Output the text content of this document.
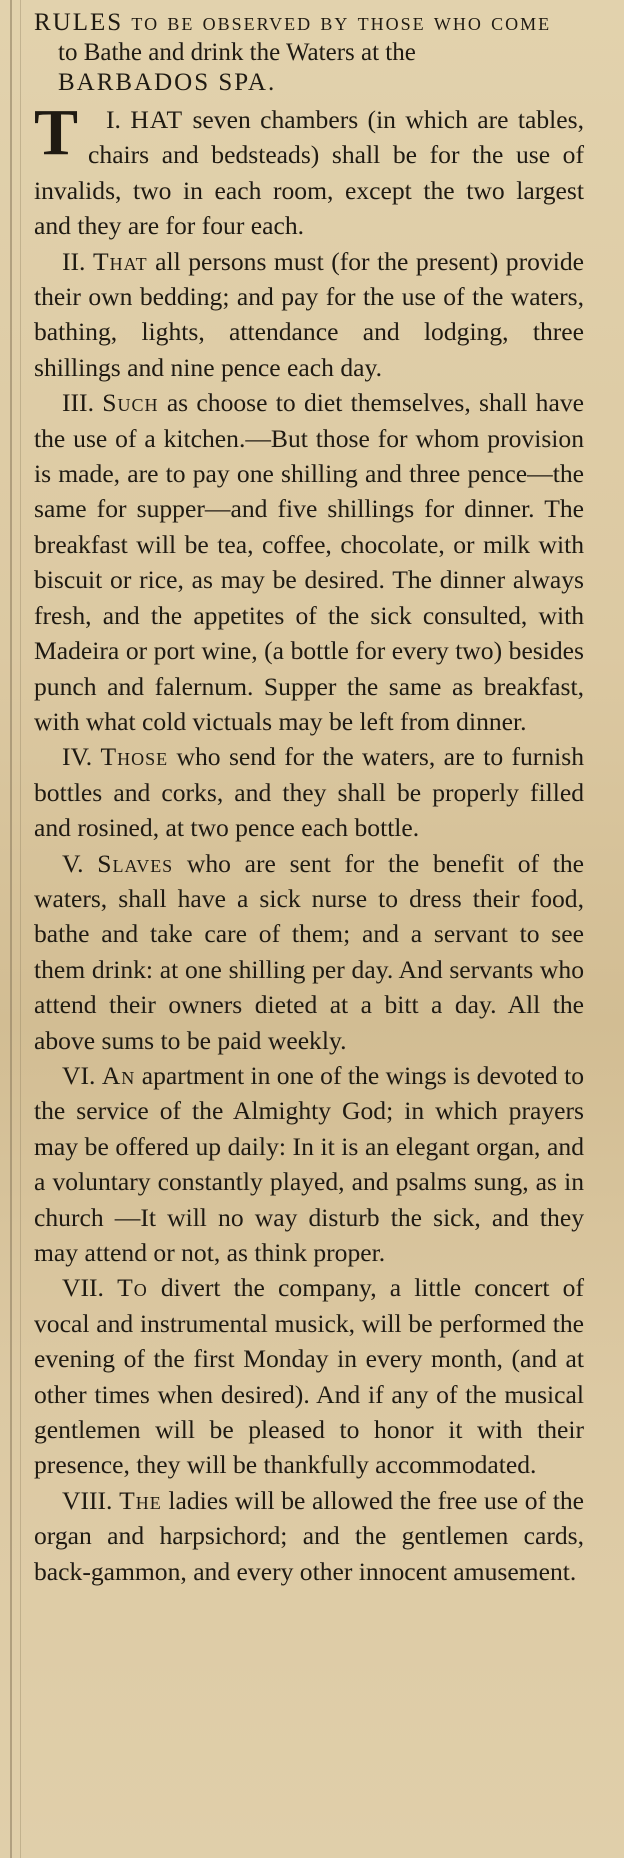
RULES to be observed by those who come
to Bathe and drink the Waters at the
BARBADOS SPA.

I.
T HAT seven chambers (in which are tables, chairs and bedsteads) shall be for the use of invalids, two in each room, except the two largest and they are for four each.

II. That all persons must (for the present) provide their own bedding; and pay for the use of the waters, bathing, lights, attendance and lodging, three shillings and nine pence each day.

III. Such as choose to diet themselves, shall have the use of a kitchen.—But those for whom provision is made, are to pay one shilling and three pence—the same for supper—and five shillings for dinner. The breakfast will be tea, coffee, chocolate, or milk with biscuit or rice, as may be desired. The dinner always fresh, and the appetites of the sick consulted, with Madeira or port wine, (a bottle for every two) besides punch and falernum. Supper the same as breakfast, with what cold victuals may be left from dinner.

IV. Those who send for the waters, are to furnish bottles and corks, and they shall be properly filled and rosined, at two pence each bottle.

V. Slaves who are sent for the benefit of the waters, shall have a sick nurse to dress their food, bathe and take care of them; and a servant to see them drink: at one shilling per day. And servants who attend their owners dieted at a bitt a day. All the above sums to be paid weekly.

VI. An apartment in one of the wings is devoted to the service of the Almighty God; in which prayers may be offered up daily: In it is an elegant organ, and a voluntary constantly played, and psalms sung, as in church —It will no way disturb the sick, and they may attend or not, as think proper.

VII. To divert the company, a little concert of vocal and instrumental musick, will be performed the evening of the first Monday in every month, (and at other times when desired). And if any of the musical gentlemen will be pleased to honor it with their presence, they will be thankfully accommodated.

VIII. The ladies will be allowed the free use of the organ and harpsichord; and the gentlemen cards, back-gammon, and every other innocent amusement.
